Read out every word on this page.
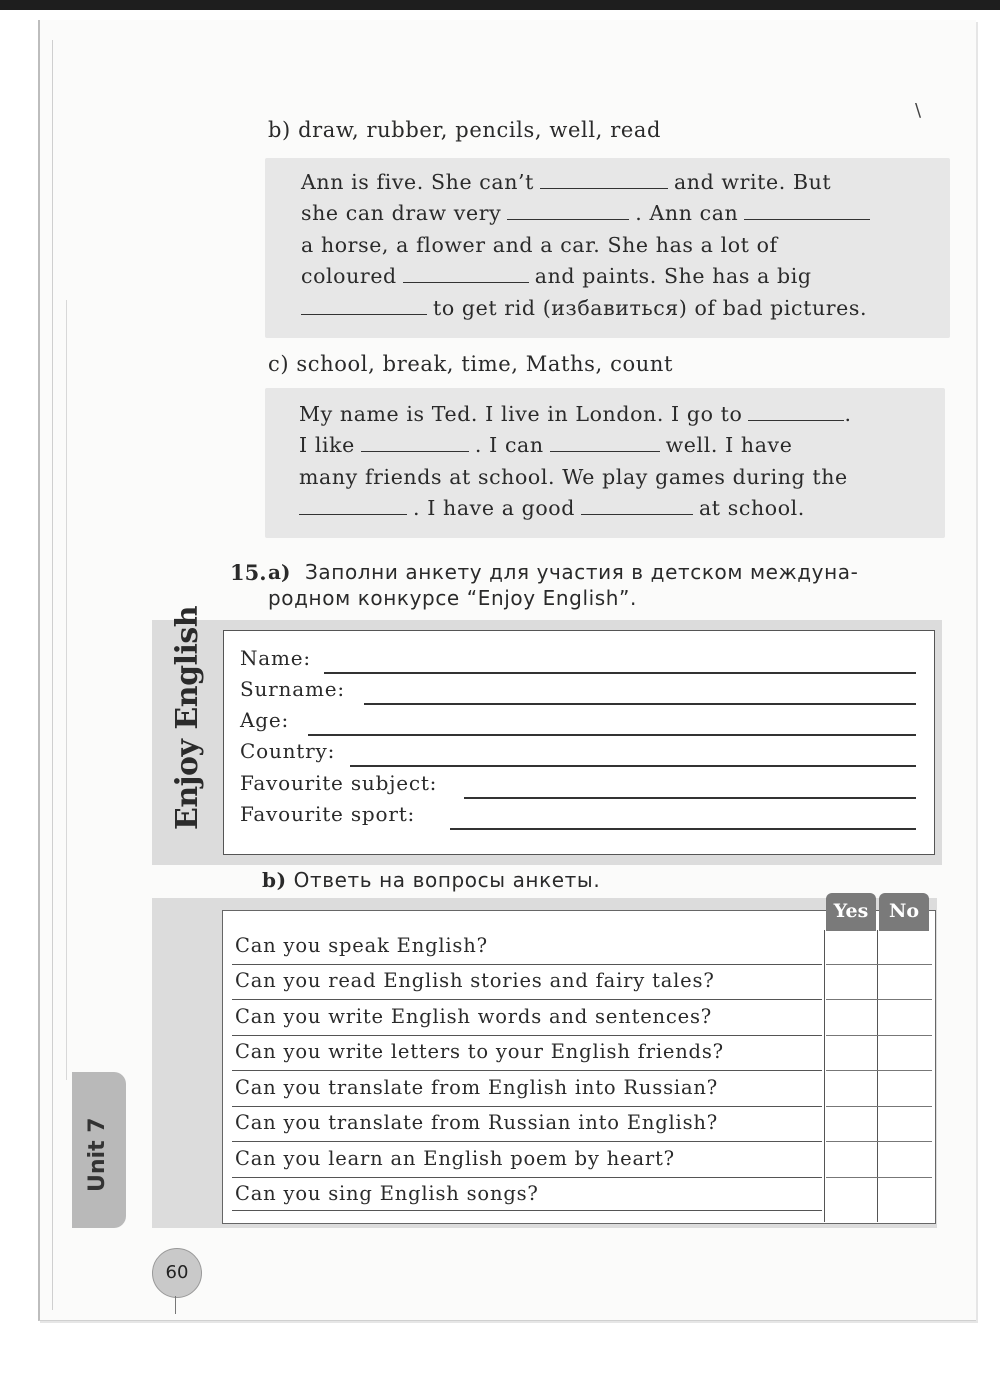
\
b) draw, rubber, pencils, well, read
Ann is five. She can’t	and write. But
she can draw very	. Ann can
a horse, a flower and a car. She has a lot of
coloured	and paints. She has a big
to get rid (избавиться) of bad pictures.
c) school, break, time, Maths, count
My name is Ted. I live in London. I go to	.
I like	. I can	well. I have
many friends at school. We play games during the
. I have a good	at school.
15. a) Заполни анкету для участия в детском междуна-
родном конкурсе “Enjoy English”.
Enjoy English	Name:
Surname:
Age:
Country:
Favourite subject:
Favourite sport:
b) Ответь на вопросы анкеты.
Yes	No
Can you speak English?
Can you read English stories and fairy tales?
Can you write English words and sentences?
Can you write letters to your English friends?
Can you translate from English into Russian?
Can you translate from Russian into English?
Can you learn an English poem by heart?
Can you sing English songs?
Unit 7
60
